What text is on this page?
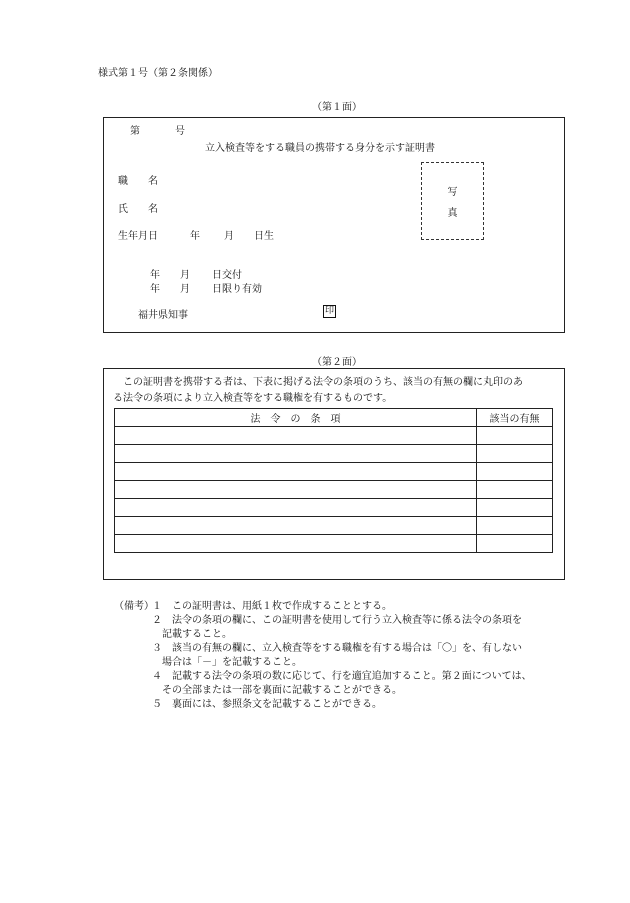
様式第１号（第２条関係）
（第１面）
第	号
立入検査等をする職員の携帯する身分を示す証明書
職　　名
氏　　名
生年月日	年 月 日生
写
真
年 月 日交付
年 月 日限り有効
福井県知事	印
（第２面）
この証明書を携帯する者は、下表に掲げる法令の条項のうち、該当の有無の欄に丸印のあ
る法令の条項により立入検査等をする職権を有するものです。
法　令　の　条　項	該当の有無

（備考）
１　この証明書は、用紙１枚で作成することとする。
２　法令の条項の欄に、この証明書を使用して行う立入検査等に係る法令の条項を
記載すること。
３　該当の有無の欄に、立入検査等をする職権を有する場合は「〇」を、有しない
場合は「－」を記載すること。
４　記載する法令の条項の数に応じて、行を適宜追加すること。第２面については、
その全部または一部を裏面に記載することができる。
５　裏面には、参照条文を記載することができる。
